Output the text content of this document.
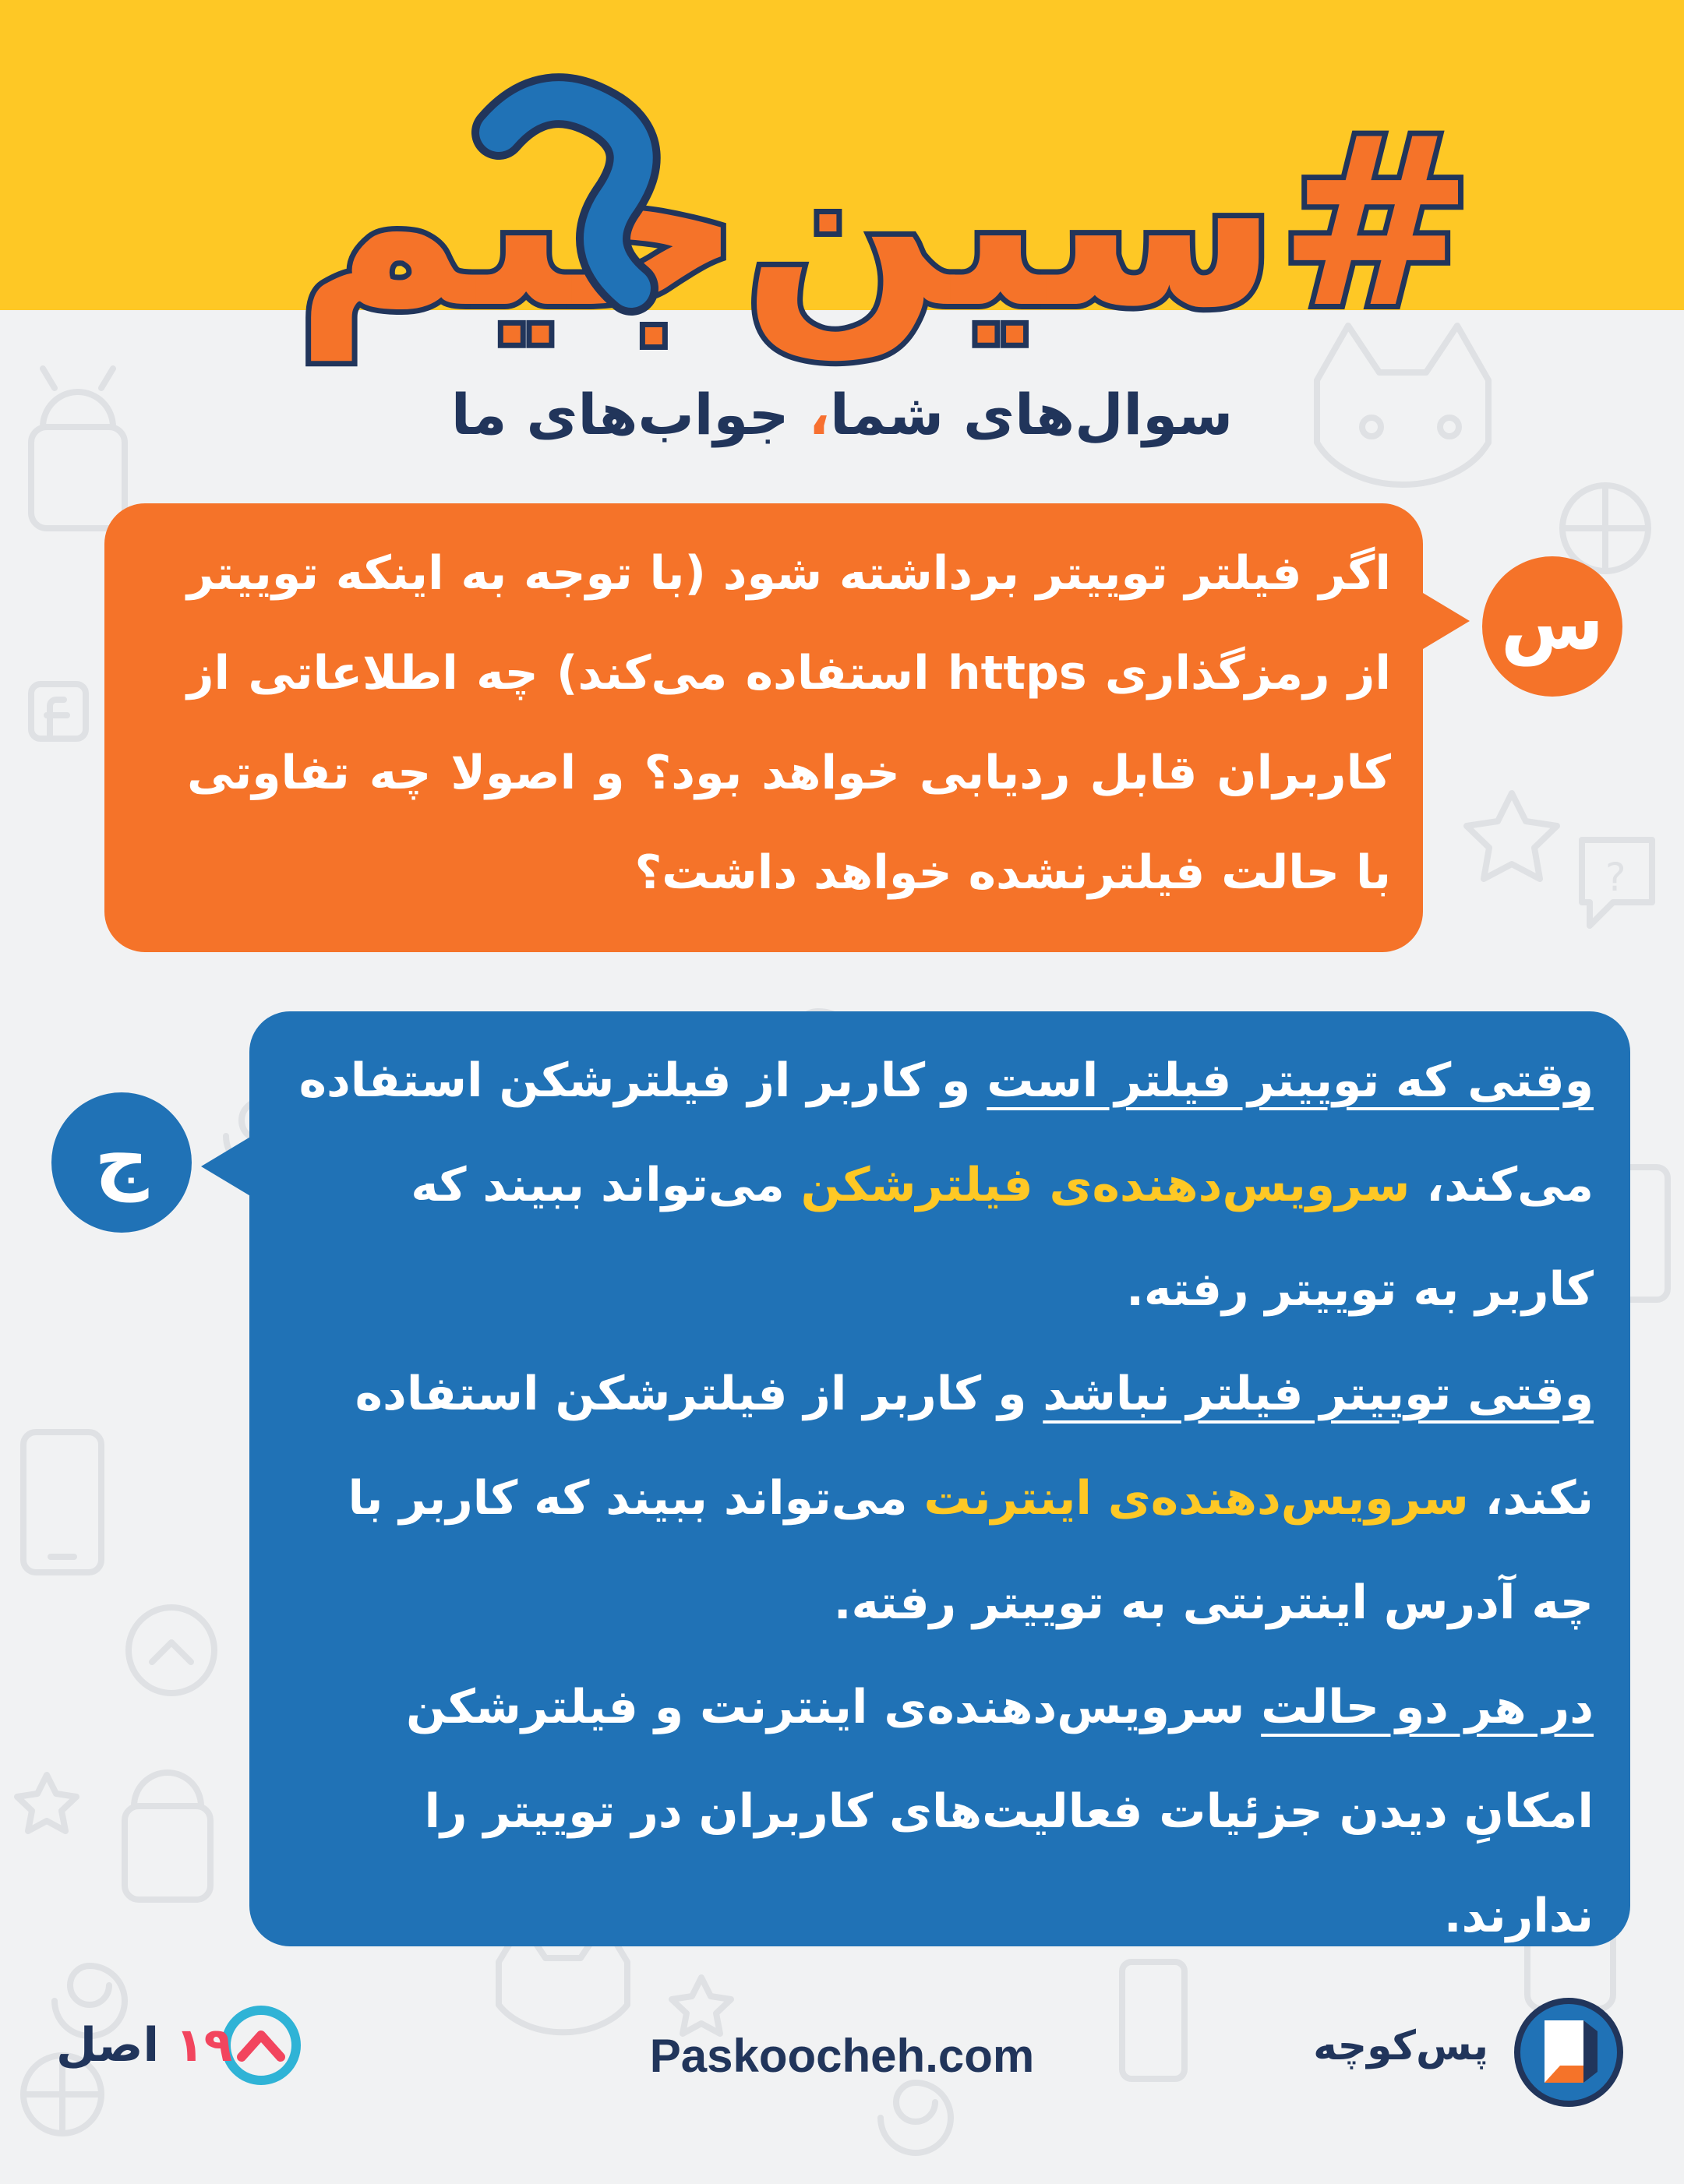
?
#سین‌جیم
سوال‌های شما، جواب‌های ما
س
اگر فیلتر توییتر برداشته شود (با توجه به اینکه توییتر از رمزگذاری https استفاده می‌کند) چه اطلاعاتی از کاربران قابل ردیابی خواهد بود؟ و اصولا چه تفاوتی با حالت فیلترنشده خواهد داشت؟
ج
وقتی که توییتر فیلتر است و کاربر از فیلترشکن استفاده می‌کند، سرویس‌دهنده‌ی فیلترشکن می‌تواند ببیند که کاربر به توییتر رفته.
وقتی توییتر فیلتر نباشد و کاربر از فیلترشکن استفاده نکند، سرویس‌دهنده‌ی اینترنت می‌تواند ببیند که کاربر با چه آدرس اینترنتی به توییتر رفته.
در هر دو حالت سرویس‌دهنده‌ی اینترنت و فیلترشکن امکانِ دیدن جزئیات فعالیت‌های کاربران در توییتر را ندارند.
۱۹ اصل	Paskoocheh.com	پس‌کوچه
